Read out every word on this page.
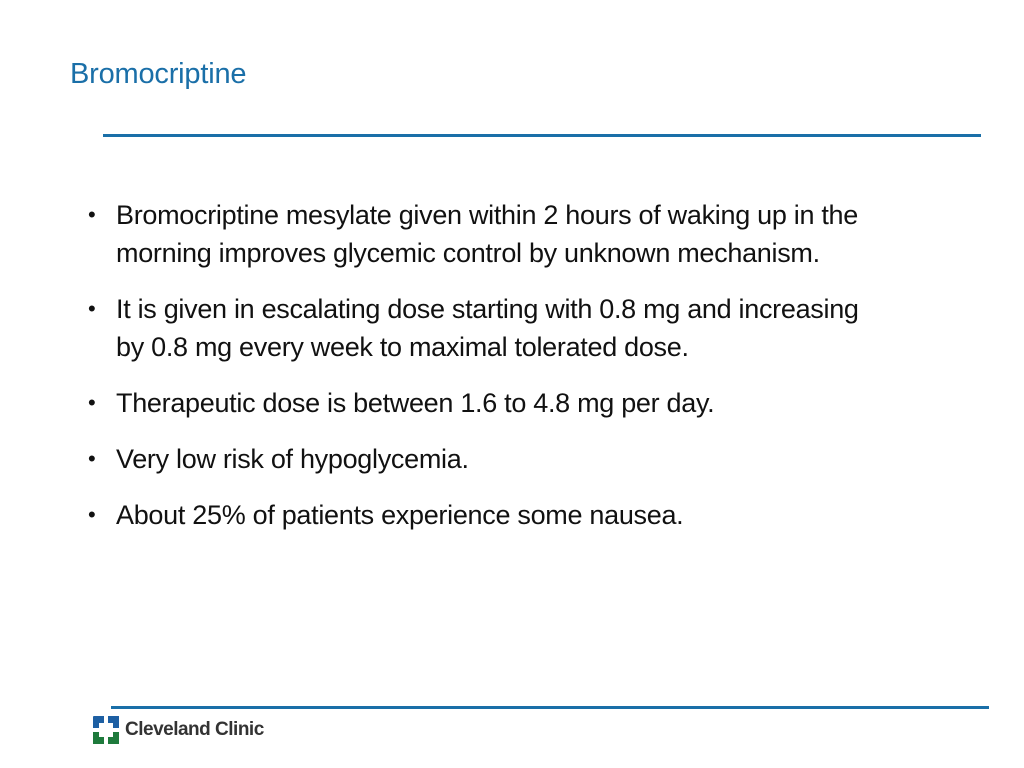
Bromocriptine
• Bromocriptine mesylate given within 2 hours of waking up in the morning improves glycemic control by unknown mechanism.
• It is given in escalating dose starting with 0.8 mg and increasing by 0.8 mg every week to maximal tolerated dose.
• Therapeutic dose is between 1.6 to 4.8 mg per day.
• Very low risk of hypoglycemia.
• About 25% of patients experience some nausea.
Cleveland Clinic
